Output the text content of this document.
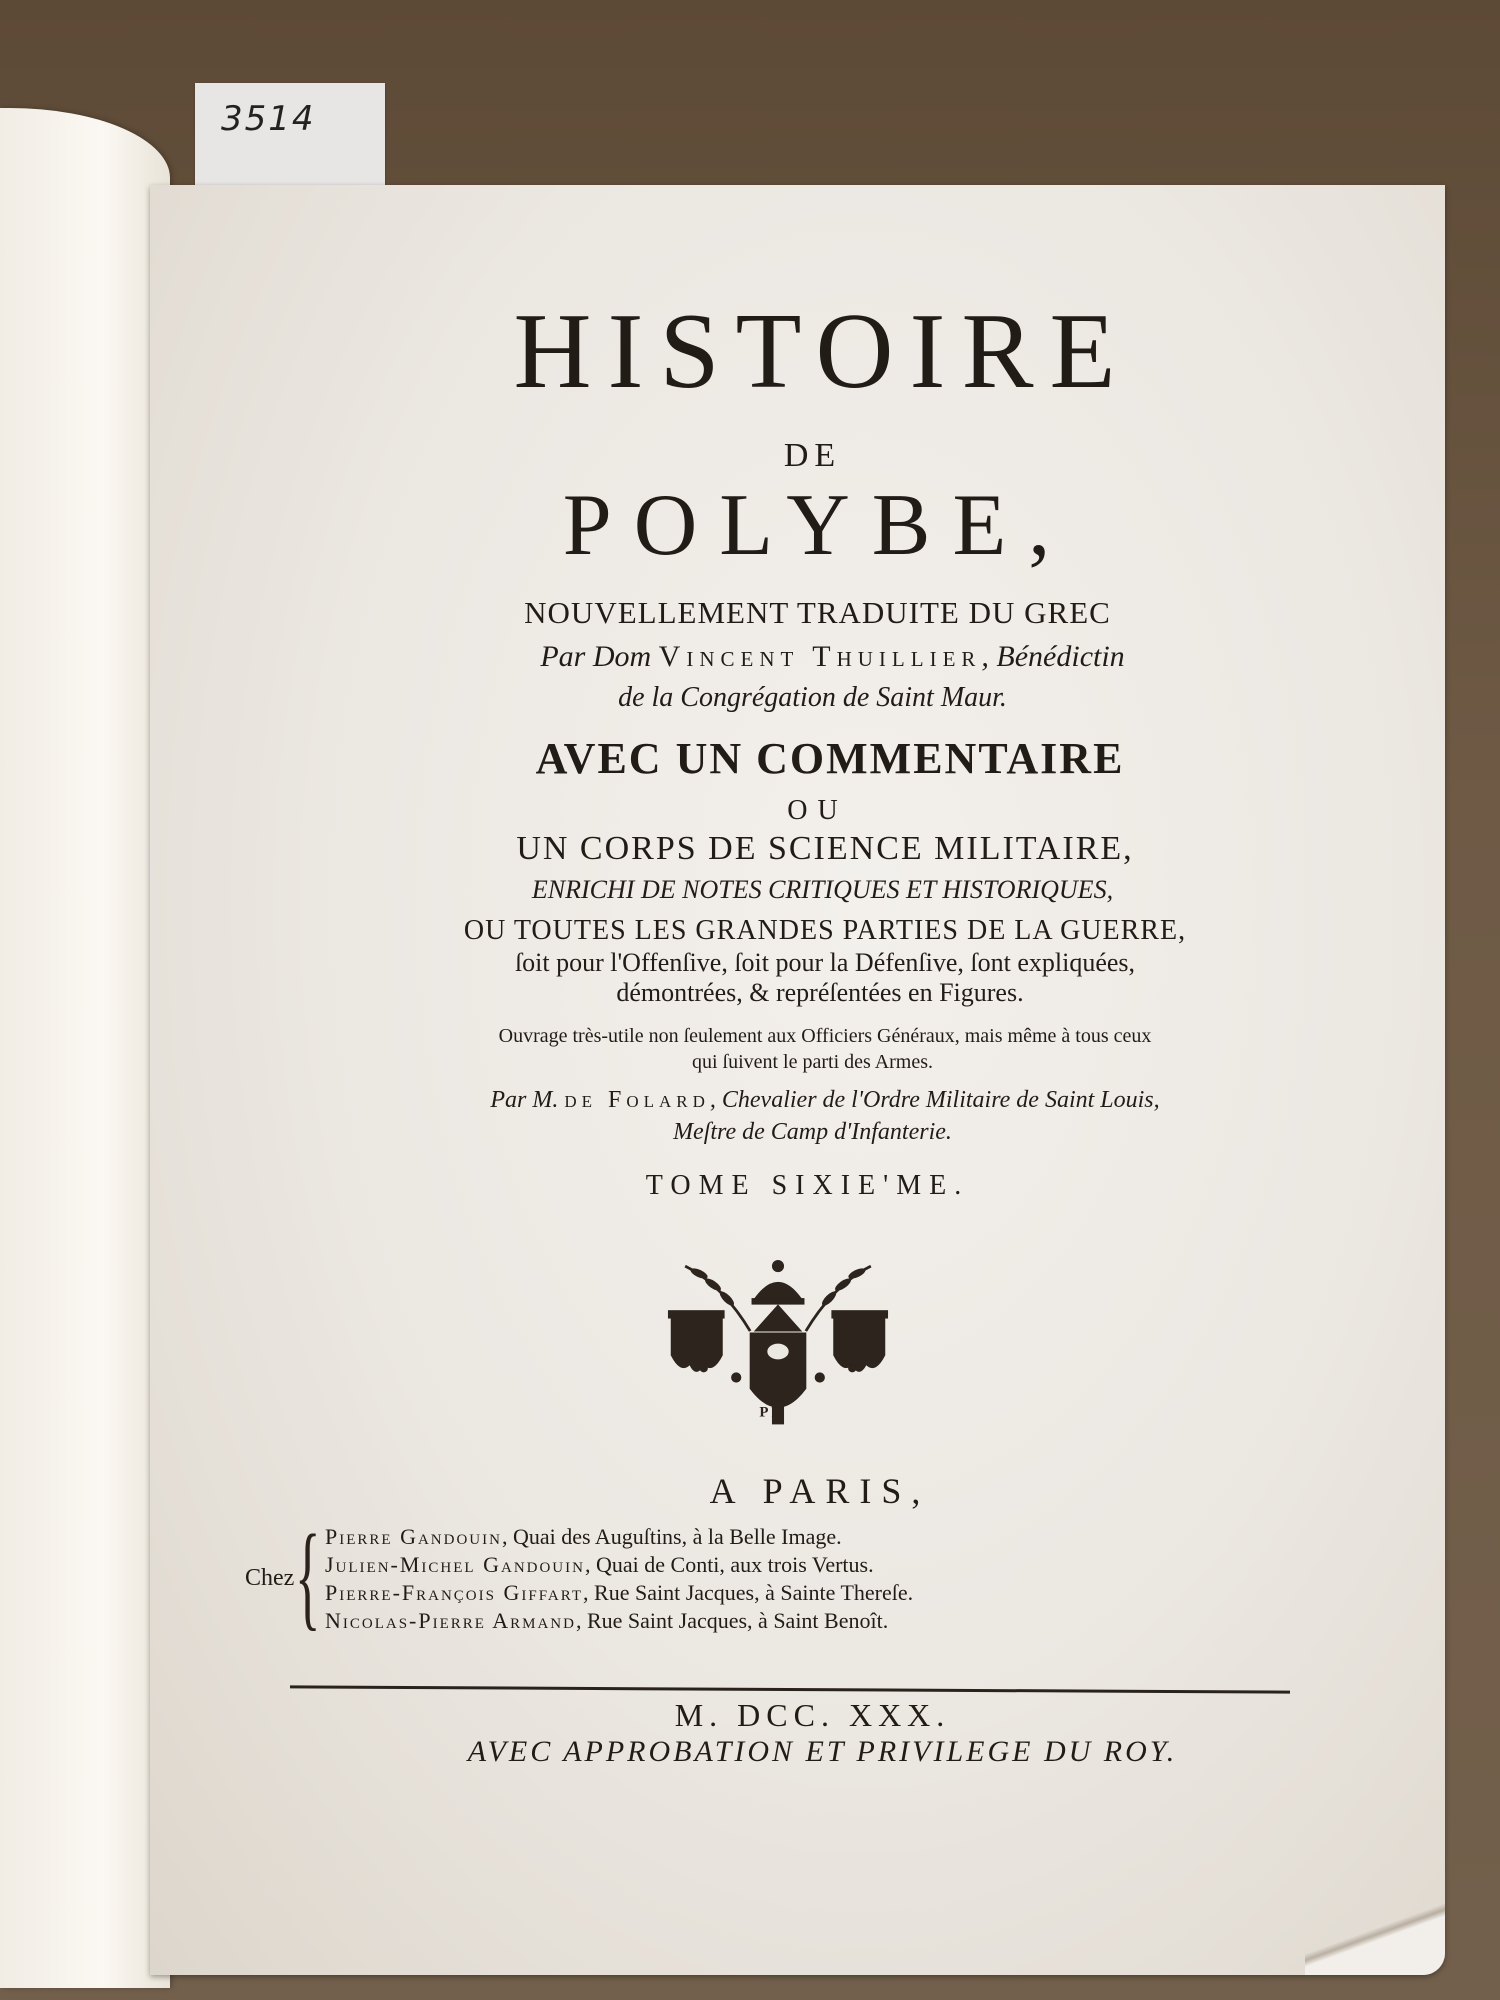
3514
HISTOIRE
DE
POLYBE,
NOUVELLEMENT TRADUITE DU GREC
Par Dom Vincent Thuillier, Bénédictin
de la Congrégation de Saint Maur.
AVEC UN COMMENTAIRE
OU
UN CORPS DE SCIENCE MILITAIRE,
ENRICHI DE NOTES CRITIQUES ET HISTORIQUES,
OU TOUTES LES GRANDES PARTIES DE LA GUERRE,
ſoit pour l'Offenſive, ſoit pour la Défenſive, ſont expliquées,
démontrées, & repréſentées en Figures.
Ouvrage très-utile non ſeulement aux Officiers Généraux, mais même à tous ceux
qui ſuivent le parti des Armes.
Par M. de Folard, Chevalier de l'Ordre Militaire de Saint Louis,
Meſtre de Camp d'Infanterie.
TOME SIXIE'ME.
P R
A PARIS,
Chez { Pierre Gandouin, Quai des Auguſtins, à la Belle Image.
Julien-Michel Gandouin, Quai de Conti, aux trois Vertus.
Pierre-François Giffart, Rue Saint Jacques, à Sainte Thereſe.
Nicolas-Pierre Armand, Rue Saint Jacques, à Saint Benoît.
M. DCC. XXX.
AVEC APPROBATION ET PRIVILEGE DU ROY.
